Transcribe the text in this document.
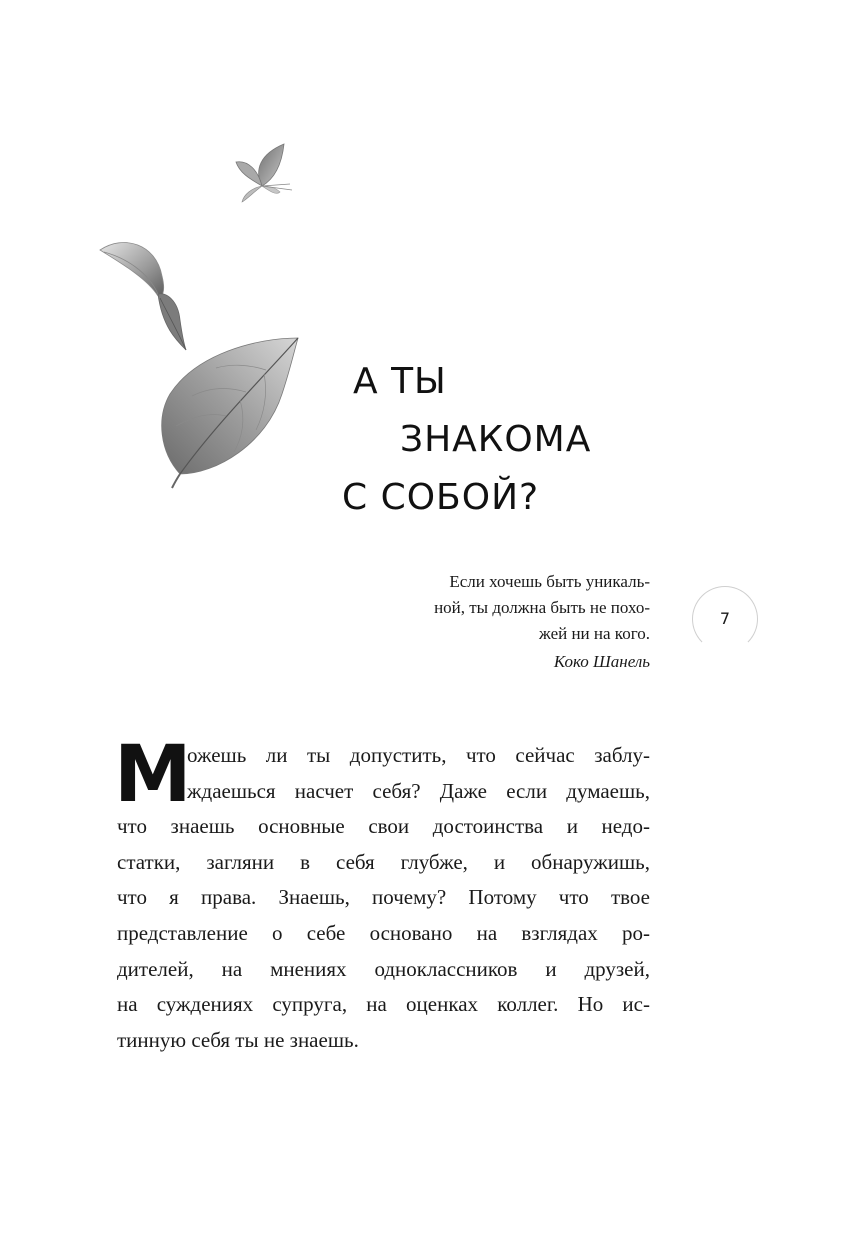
А ТЫ
ЗНАКОМА
С СОБОЙ?

Если хочешь быть уникаль-

ной, ты должна быть не похо-

жей ни на кого.

Коко Шанель

7
М
ожешь ли ты допустить, что сейчас заблу-
ждаешься насчет себя? Даже если думаешь,
что знаешь основные свои достоинства и недо-
статки, загляни в себя глубже, и обнаружишь,
что я права. Знаешь, почему? Потому что твое
представление о себе основано на взглядах ро-
дителей, на мнениях одноклассников и друзей,
на суждениях супруга, на оценках коллег. Но ис-
тинную себя ты не знаешь.
